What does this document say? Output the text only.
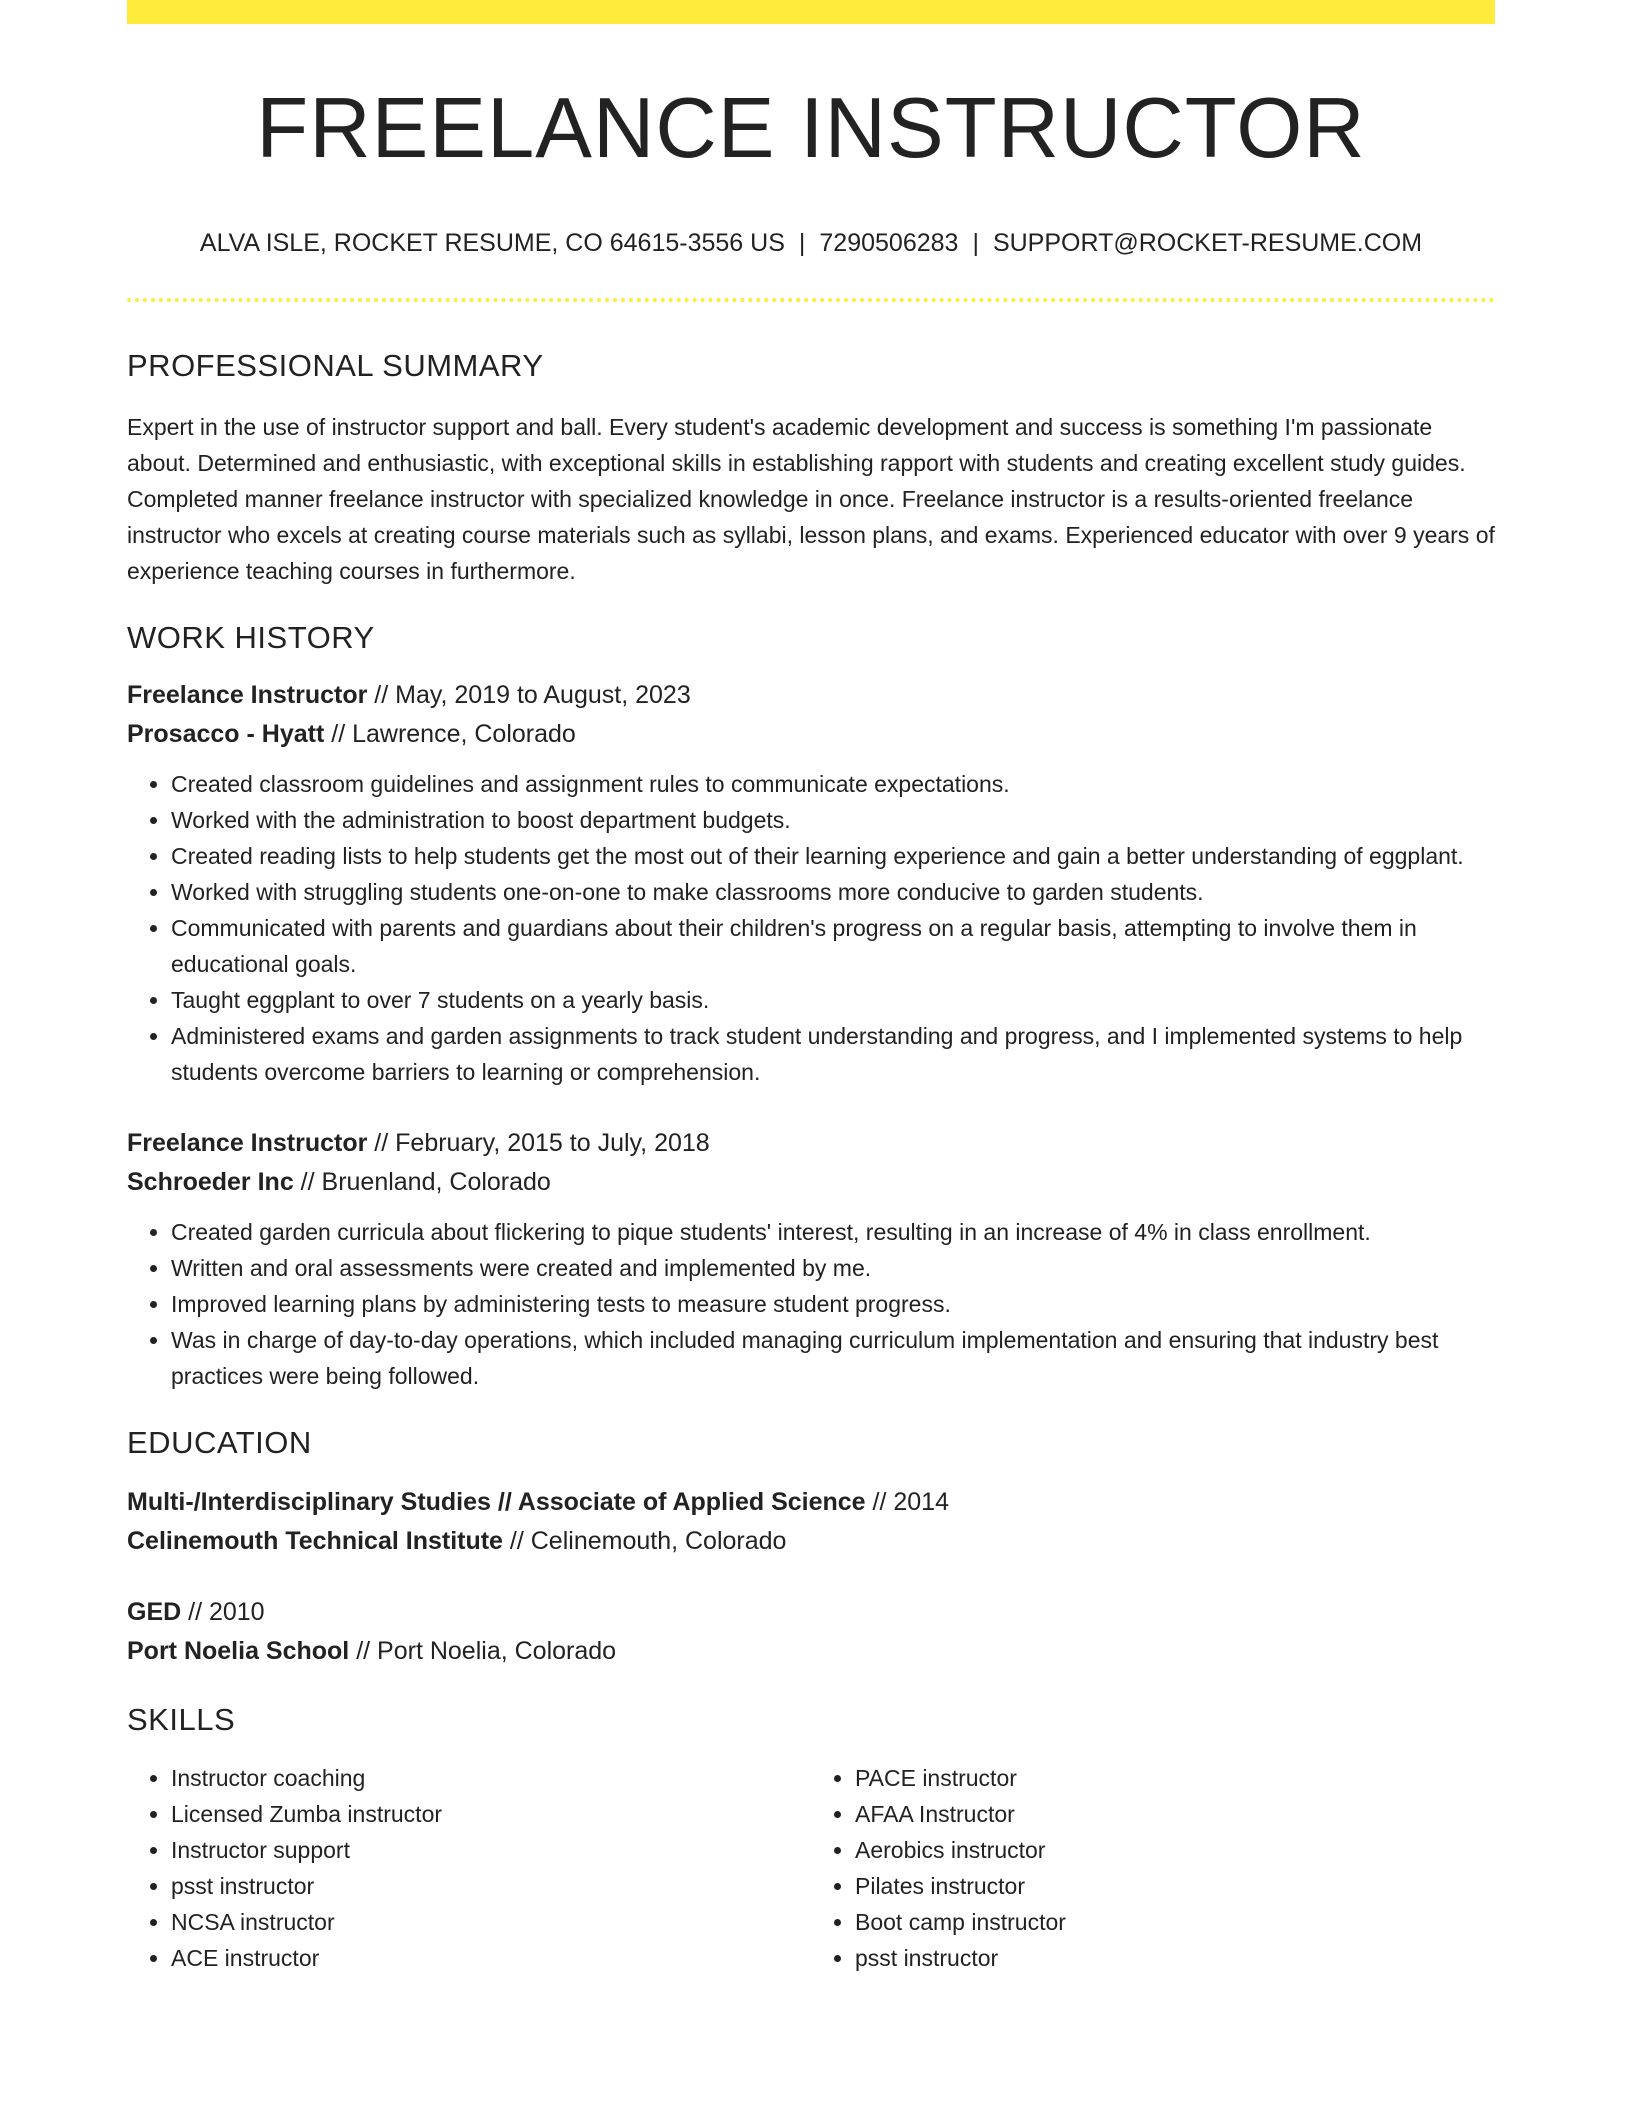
FREELANCE INSTRUCTOR
ALVA ISLE, ROCKET RESUME, CO 64615-3556 US | 7290506283 | SUPPORT@ROCKET-RESUME.COM
PROFESSIONAL SUMMARY

Expert in the use of instructor support and ball. Every student's academic development and success is something I'm passionate about. Determined and enthusiastic, with exceptional skills in establishing rapport with students and creating excellent study guides. Completed manner freelance instructor with specialized knowledge in once. Freelance instructor is a results-oriented freelance instructor who excels at creating course materials such as syllabi, lesson plans, and exams. Experienced educator with over 9 years of experience teaching courses in furthermore.

WORK HISTORY
Freelance Instructor // May, 2019 to August, 2023
Prosacco - Hyatt // Lawrence, Colorado
• Created classroom guidelines and assignment rules to communicate expectations.
• Worked with the administration to boost department budgets.
• Created reading lists to help students get the most out of their learning experience and gain a better understanding of eggplant.
• Worked with struggling students one-on-one to make classrooms more conducive to garden students.
• Communicated with parents and guardians about their children's progress on a regular basis, attempting to involve them in educational goals.
• Taught eggplant to over 7 students on a yearly basis.
• Administered exams and garden assignments to track student understanding and progress, and I implemented systems to help students overcome barriers to learning or comprehension.
Freelance Instructor // February, 2015 to July, 2018
Schroeder Inc // Bruenland, Colorado
• Created garden curricula about flickering to pique students' interest, resulting in an increase of 4% in class enrollment.
• Written and oral assessments were created and implemented by me.
• Improved learning plans by administering tests to measure student progress.
• Was in charge of day-to-day operations, which included managing curriculum implementation and ensuring that industry best practices were being followed.
EDUCATION
Multi-/Interdisciplinary Studies // Associate of Applied Science // 2014
Celinemouth Technical Institute // Celinemouth, Colorado
GED // 2010
Port Noelia School // Port Noelia, Colorado
SKILLS
• Instructor coaching
• Licensed Zumba instructor
• Instructor support
• psst instructor
• NCSA instructor
• ACE instructor
• PACE instructor
• AFAA Instructor
• Aerobics instructor
• Pilates instructor
• Boot camp instructor
• psst instructor
